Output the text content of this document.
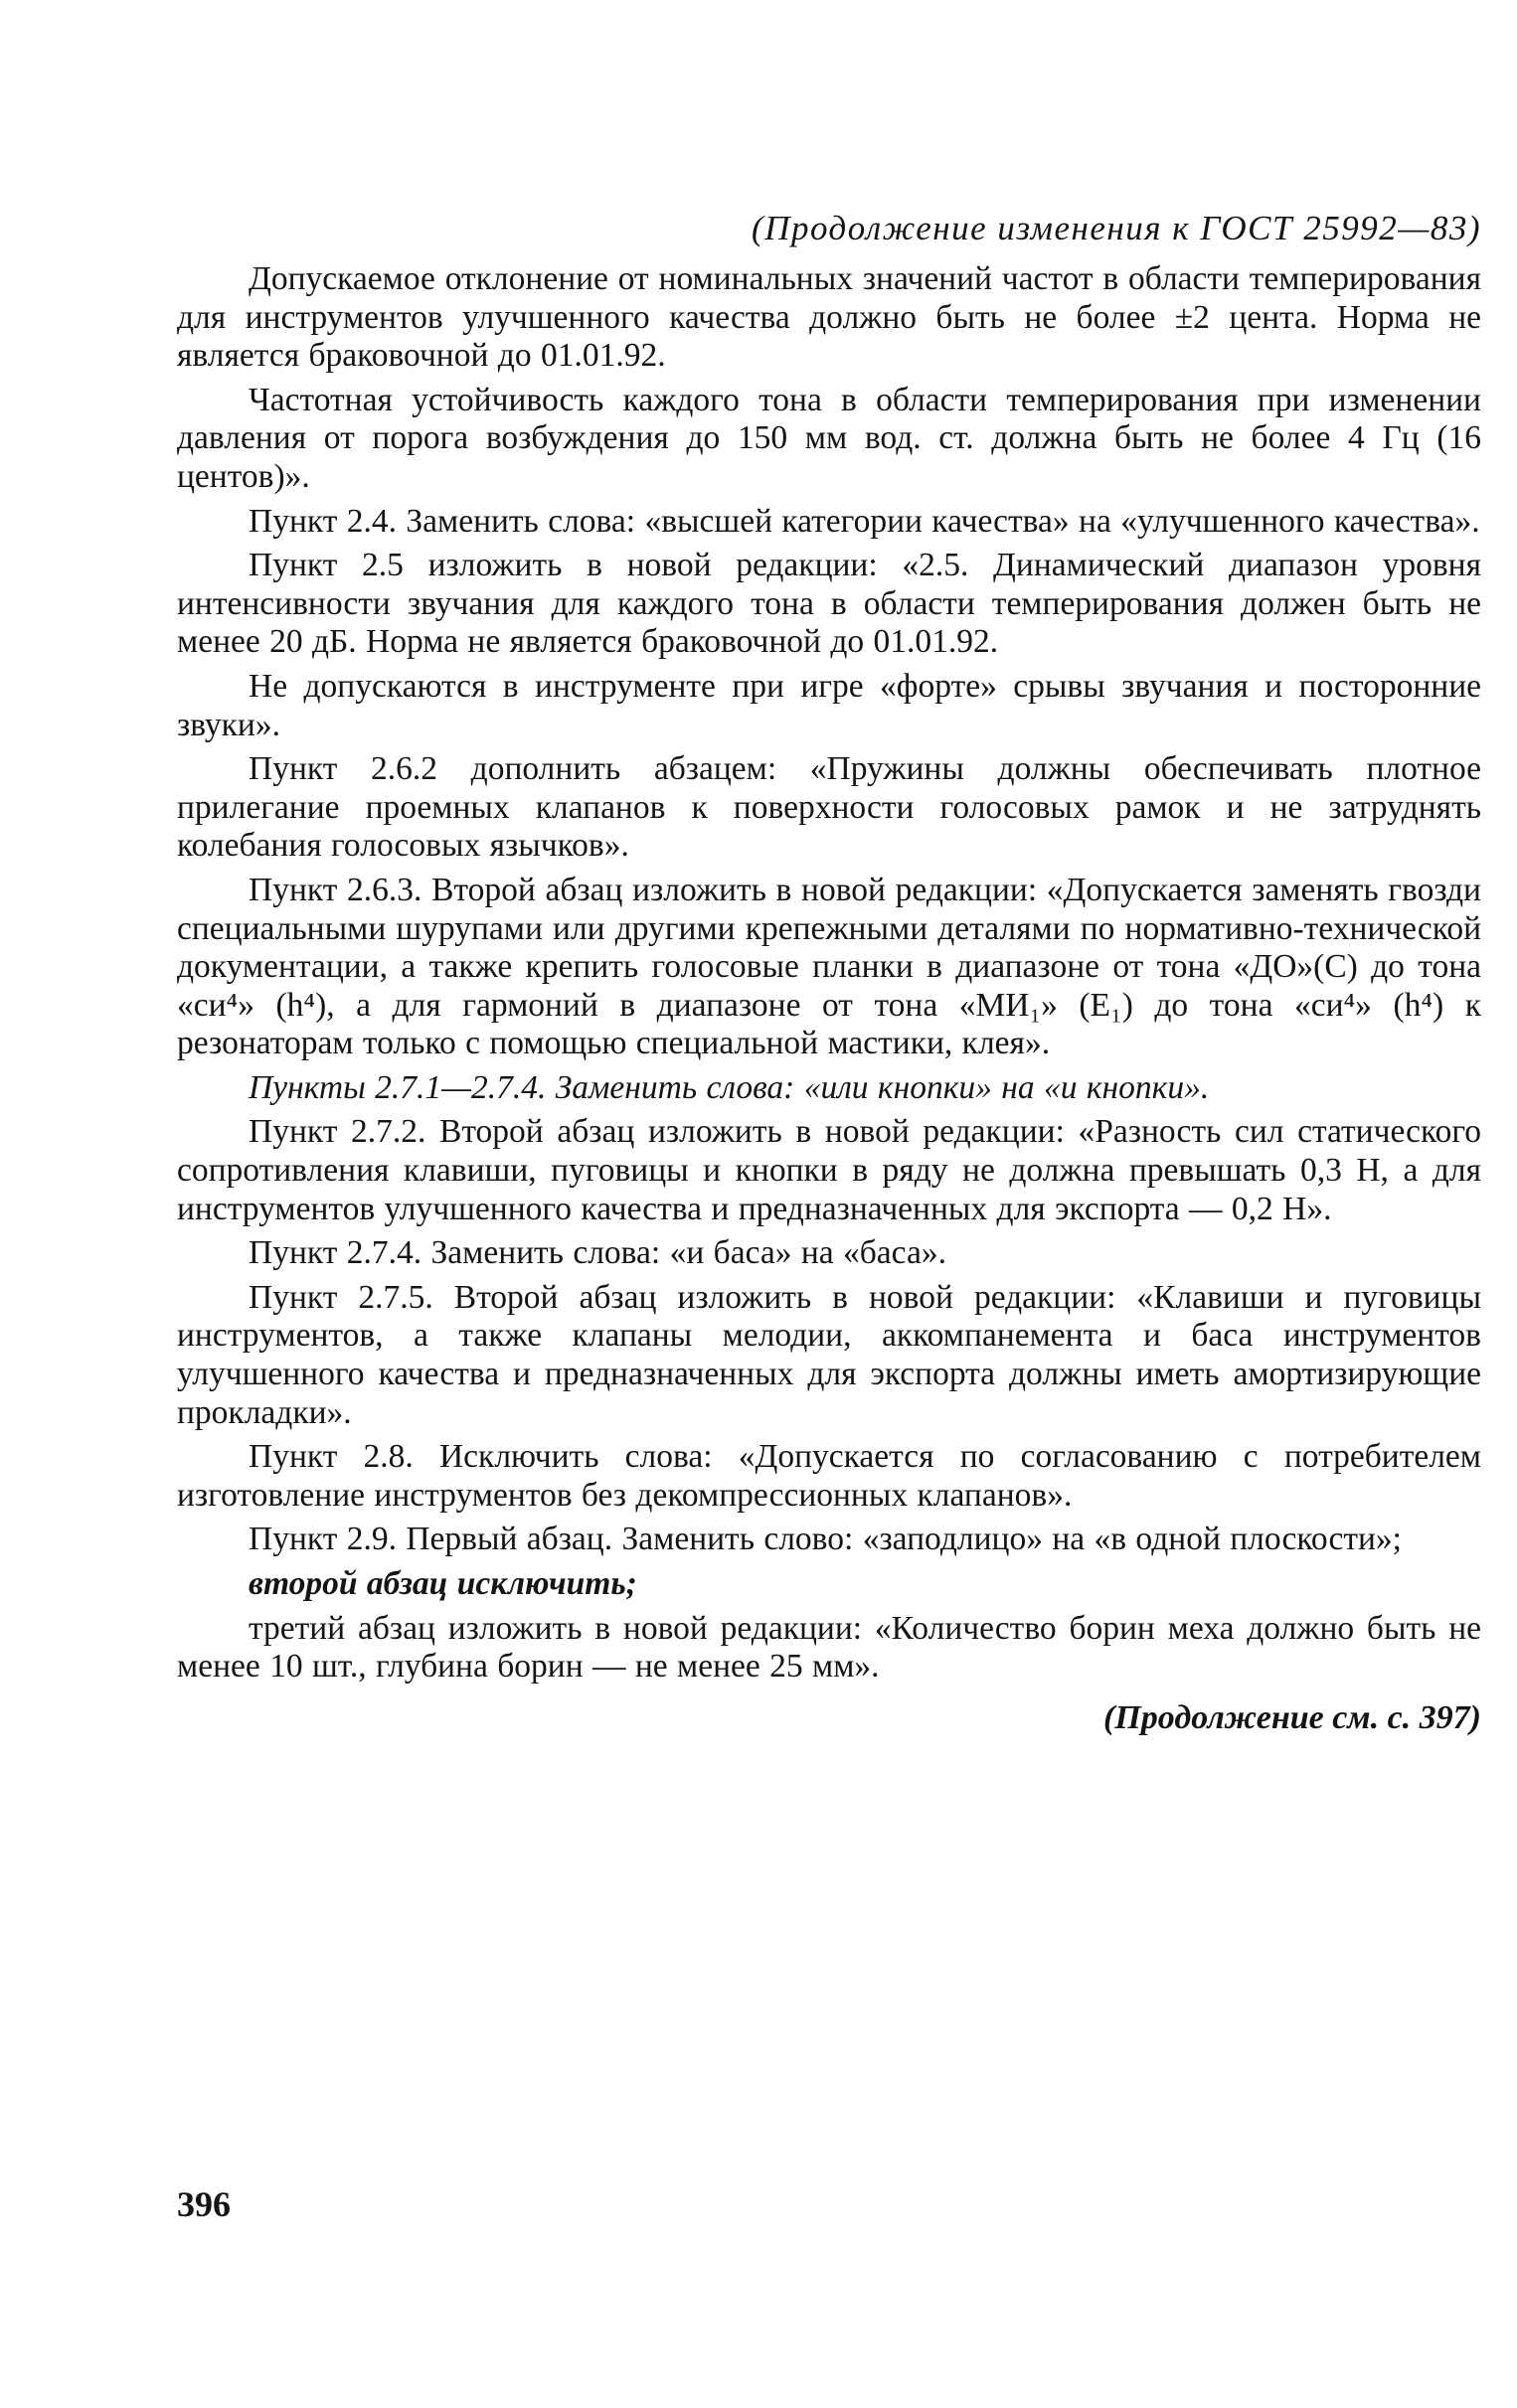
(Продолжение изменения к ГОСТ 25992—83)
Допускаемое отклонение от номинальных значений частот в области темперирования для инструментов улучшенного качества должно быть не более ±2 цента. Норма не является браковочной до 01.01.92.
Частотная устойчивость каждого тона в области темперирования при изменении давления от порога возбуждения до 150 мм вод. ст. должна быть не более 4 Гц (16 центов)».
Пункт 2.4. Заменить слова: «высшей категории качества» на «улучшенного качества».
Пункт 2.5 изложить в новой редакции: «2.5. Динамический диапазон уровня интенсивности звучания для каждого тона в области темперирования должен быть не менее 20 дБ. Норма не является браковочной до 01.01.92.
Не допускаются в инструменте при игре «форте» срывы звучания и посторонние звуки».
Пункт 2.6.2 дополнить абзацем: «Пружины должны обеспечивать плотное прилегание проемных клапанов к поверхности голосовых рамок и не затруднять колебания голосовых язычков».
Пункт 2.6.3. Второй абзац изложить в новой редакции: «Допускается заменять гвозди специальными шурупами или другими крепежными деталями по нормативно-технической документации, а также крепить голосовые планки в диапазоне от тона «ДО»(С) до тона «си⁴» (h⁴), а для гармоний в диапазоне от тона «МИ₁» (E₁) до тона «си⁴» (h⁴) к резонаторам только с помощью специальной мастики, клея».
Пункты 2.7.1—2.7.4. Заменить слова: «или кнопки» на «и кнопки».
Пункт 2.7.2. Второй абзац изложить в новой редакции: «Разность сил статического сопротивления клавиши, пуговицы и кнопки в ряду не должна превышать 0,3 Н, а для инструментов улучшенного качества и предназначенных для экспорта — 0,2 Н».
Пункт 2.7.4. Заменить слова: «и баса» на «баса».
Пункт 2.7.5. Второй абзац изложить в новой редакции: «Клавиши и пуговицы инструментов, а также клапаны мелодии, аккомпанемента и баса инструментов улучшенного качества и предназначенных для экспорта должны иметь амортизирующие прокладки».
Пункт 2.8. Исключить слова: «Допускается по согласованию с потребителем изготовление инструментов без декомпрессионных клапанов».
Пункт 2.9. Первый абзац. Заменить слово: «заподлицо» на «в одной плоскости»;
второй абзац исключить;
третий абзац изложить в новой редакции: «Количество борин меха должно быть не менее 10 шт., глубина борин — не менее 25 мм».
(Продолжение см. с. 397)
396
